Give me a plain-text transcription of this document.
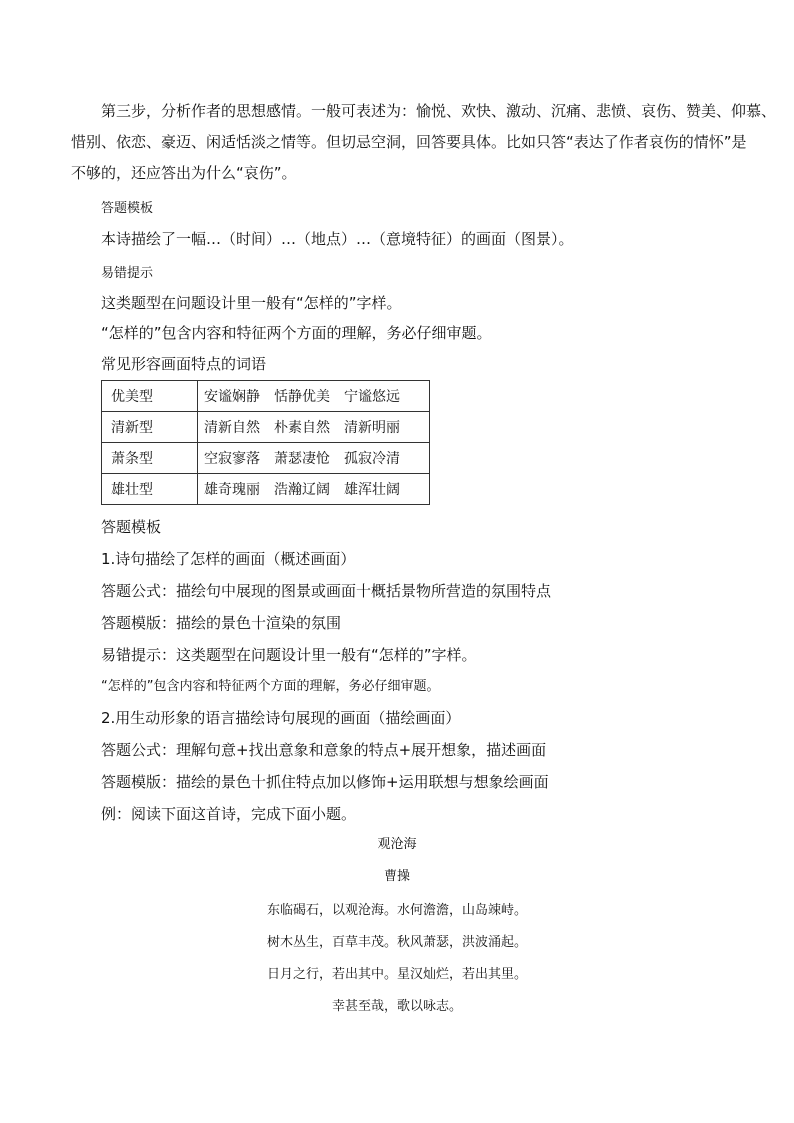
第三步，分析作者的思想感情。一般可表述为：愉悦、欢快、激动、沉痛、悲愤、哀伤、赞美、仰慕、
惜别、依恋、豪迈、闲适恬淡之情等。但切忌空洞，回答要具体。比如只答“表达了作者哀伤的情怀”是
不够的，还应答出为什么“哀伤”。
答题模板
本诗描绘了一幅…（时间）…（地点）…（意境特征）的画面（图景）。
易错提示
这类题型在问题设计里一般有“怎样的”字样。
“怎样的”包含内容和特征两个方面的理解，务必仔细审题。
常见形容画面特点的词语
优美型	安谧娴静　恬静优美　宁谧悠远
清新型	清新自然　朴素自然　清新明丽
萧条型	空寂寥落　萧瑟凄怆　孤寂冷清
雄壮型	雄奇瑰丽　浩瀚辽阔　雄浑壮阔
答题模板
1.诗句描绘了怎样的画面（概述画面）
答题公式：描绘句中展现的图景或画面十概括景物所营造的氛围特点
答题模版：描绘的景色十渲染的氛围
易错提示：这类题型在问题设计里一般有“怎样的”字样。
“怎样的”包含内容和特征两个方面的理解，务必仔细审题。
2.用生动形象的语言描绘诗句展现的画面（描绘画面）
答题公式：理解句意+找出意象和意象的特点+展开想象，描述画面
答题模版：描绘的景色十抓住特点加以修饰+运用联想与想象绘画面
例：阅读下面这首诗，完成下面小题。
观沧海
曹操
东临碣石，以观沧海。水何澹澹，山岛竦峙。
树木丛生，百草丰茂。秋风萧瑟，洪波涌起。
日月之行，若出其中。星汉灿烂，若出其里。
幸甚至哉，歌以咏志。
